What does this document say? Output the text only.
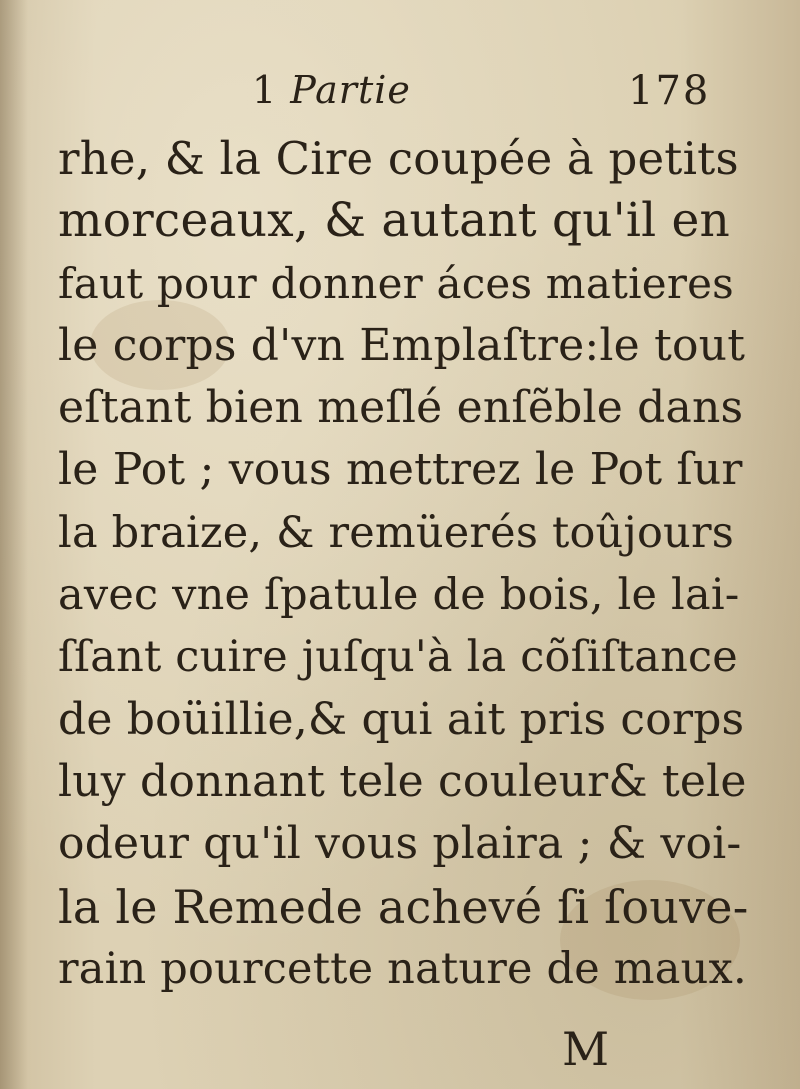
1 Partie	178
rhe, & la Cire coupée à petits
morceaux, & autant qu'il en
faut pour donner áces matieres
le corps d'vn Emplaſtre:le tout
eſtant bien meſlé enſẽble dans
le Pot ; vous mettrez le Pot ſur
la braize, & remüerés toûjours
avec vne ſpatule de bois, le lai-
ſſant cuire juſqu'à la cõſiſtance
de boüillie,& qui ait pris corps
luy donnant tele couleur& tele
odeur qu'il vous plaira ; & voi-
la le Remede achevé ſi ſouve-
rain pourcette nature de maux.
M
